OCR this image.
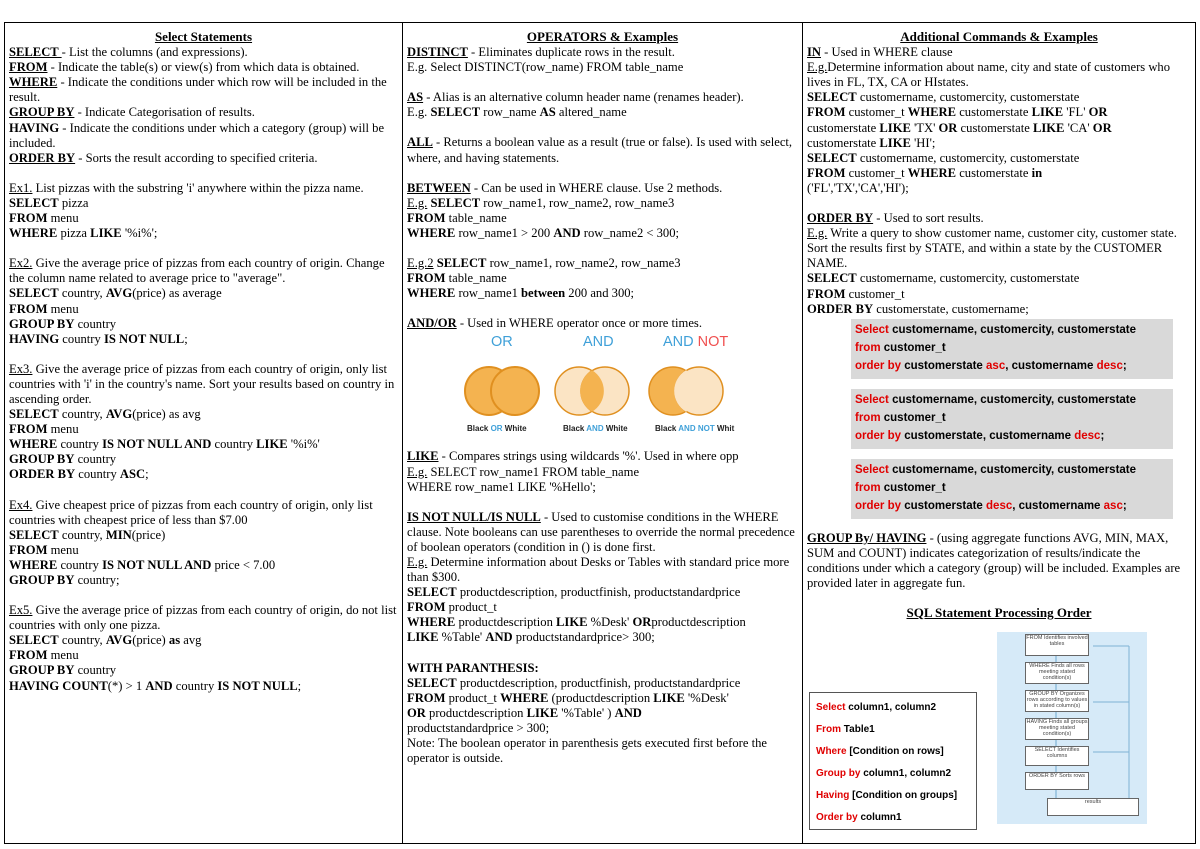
Select Statements

SELECT - List the columns (and expressions).

FROM - Indicate the table(s) or view(s) from which data is obtained.

WHERE - Indicate the conditions under which row will be included in the result.

GROUP BY - Indicate Categorisation of results.

HAVING - Indicate the conditions under which a category (group) will be included.

ORDER BY - Sorts the result according to specified criteria.

Ex1. List pizzas with the substring 'i' anywhere within the pizza name.

SELECT pizza

FROM menu

WHERE pizza LIKE '%i%';

Ex2. Give the average price of pizzas from each country of origin. Change the column name related to average price to "average".

SELECT country, AVG(price) as average

FROM menu

GROUP BY country

HAVING country IS NOT NULL;

Ex3. Give the average price of pizzas from each country of origin, only list countries with 'i' in the country's name. Sort your results based on country in ascending order.

SELECT country, AVG(price) as avg

FROM menu

WHERE country IS NOT NULL AND country LIKE '%i%'

GROUP BY country

ORDER BY country ASC;

Ex4. Give cheapest price of pizzas from each country of origin, only list countries with cheapest price of less than $7.00

SELECT country, MIN(price)

FROM menu

WHERE country IS NOT NULL AND price < 7.00

GROUP BY country;

Ex5. Give the average price of pizzas from each country of origin, do not list countries with only one pizza.

SELECT country, AVG(price) as avg

FROM menu

GROUP BY country

HAVING COUNT(*) > 1 AND country IS NOT NULL;

OPERATORS & Examples

DISTINCT - Eliminates duplicate rows in the result.

E.g. Select DISTINCT(row_name) FROM table_name

AS - Alias is an alternative column header name (renames header).

E.g. SELECT row_name AS altered_name

ALL - Returns a boolean value as a result (true or false). Is used with select, where, and having statements.

BETWEEN - Can be used in WHERE clause. Use 2 methods.

E.g. SELECT row_name1, row_name2, row_name3

FROM table_name

WHERE row_name1 > 200 AND row_name2 < 300;

E.g.2 SELECT row_name1, row_name2, row_name3

FROM table_name

WHERE row_name1 between 200 and 300;

AND/OR - Used in WHERE operator once or more times.

OR	AND	AND NOT
Black OR White	Black AND White	Black AND NOT Whit

LIKE - Compares strings using wildcards '%'. Used in where opp

E.g. SELECT row_name1 FROM table_name

WHERE row_name1 LIKE '%Hello';

IS NOT NULL/IS NULL - Used to customise conditions in the WHERE clause. Note booleans can use parentheses to override the normal precedence of boolean operators (condition in () is done first.

E.g. Determine information about Desks or Tables with standard price more than $300.

SELECT productdescription, productfinish, productstandardprice

FROM product_t

WHERE productdescription LIKE %Desk' ORproductdescription

LIKE %Table' AND productstandardprice> 300;

WITH PARANTHESIS:

SELECT productdescription, productfinish, productstandardprice

FROM product_t WHERE (productdescription LIKE '%Desk'

OR productdescription LIKE '%Table' ) AND

productstandardprice > 300;

Note: The boolean operator in parenthesis gets executed first before the operator is outside.

Additional Commands & Examples

IN - Used in WHERE clause

E.g.Determine information about name, city and state of customers who lives in FL, TX, CA or HIstates.

SELECT customername, customercity, customerstate

FROM customer_t WHERE customerstate LIKE 'FL' OR

customerstate LIKE 'TX' OR customerstate LIKE 'CA' OR

customerstate LIKE 'HI';

SELECT customername, customercity, customerstate

FROM customer_t WHERE customerstate in

('FL','TX','CA','HI');

ORDER BY - Used to sort results.

E.g. Write a query to show customer name, customer city, customer state. Sort the results first by STATE, and within a state by the CUSTOMER NAME.

SELECT customername, customercity, customerstate

FROM customer_t

ORDER BY customerstate, customername;

Select customername, customercity, customerstate
from customer_t
order by customerstate asc, customername desc;
Select customername, customercity, customerstate
from customer_t
order by customerstate, customername desc;
Select customername, customercity, customerstate
from customer_t
order by customerstate desc, customername asc;

GROUP By/ HAVING - (using aggregate functions AVG, MIN, MAX, SUM and COUNT) indicates categorization of results/indicate the conditions under which a category (group) will be included. Examples are provided later in aggregate fun.

SQL Statement Processing Order
Select column1, column2
From Table1
Where [Condition on rows]
Group by column1, column2
Having [Condition on groups]
Order by column1
FROM Identifies involved tables
WHERE Finds all rows meeting stated condition(s)
GROUP BY Organizes rows according to values in stated column(s)
HAVING Finds all groups meeting stated condition(s)
SELECT Identifies columns
ORDER BY Sorts rows
results
